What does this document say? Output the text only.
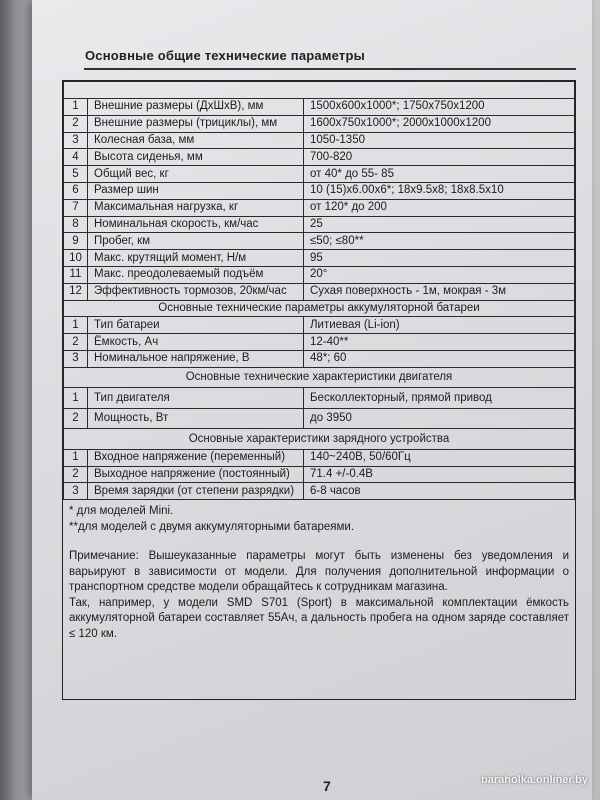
Основные общие технические параметры

1	Внешние размеры (ДхШхВ), мм	1500x600x1000*; 1750x750x1200
2	Внешние размеры (трициклы), мм	1600x750x1000*; 2000x1000x1200
3	Колесная база, мм	1050-1350
4	Высота сиденья, мм	700-820
5	Общий вес, кг	от 40* до 55- 85
6	Размер шин	10 (15)x6.00x6*; 18x9.5x8; 18x8.5x10
7	Максимальная нагрузка, кг	от 120* до 200
8	Номинальная скорость, км/час	25
9	Пробег, км	≤50; ≤80**
10	Макс. крутящий момент, Н/м	95
11	Макс. преодолеваемый подъём	20°
12	Эффективность тормозов, 20км/час	Сухая поверхность - 1м, мокрая - 3м
Основные технические параметры аккумуляторной батареи		
1	Тип батареи	Литиевая (Li-ion)
2	Ёмкость, Ач	12-40**
3	Номинальное напряжение, В	48*; 60
Основные технические характеристики двигателя		
1	Тип двигателя	Бесколлекторный, прямой привод
2	Мощность, Вт	до 3950
Основные характеристики зарядного устройства		
1	Входное напряжение (переменный)	140~240В, 50/60Гц
2	Выходное напряжение (постоянный)	71.4 +/-0.4В
3	Время зарядки (от степени разрядки)	6-8 часов

* для моделей Mini.

**для моделей с двумя аккумуляторными батареями.

Примечание: Вышеуказанные параметры могут быть изменены без уведомления и варьируют в зависимости от модели. Для получения дополнительной информации о транспортном средстве модели обращайтесь к сотрудникам магазина.

Так, например, у модели SMD S701 (Sport) в максимальной комплектации ёмкость аккумуляторной батареи составляет 55Ач, а дальность пробега на одном заряде составляет ≤ 120 км.

7	baraholka.onliner.by
